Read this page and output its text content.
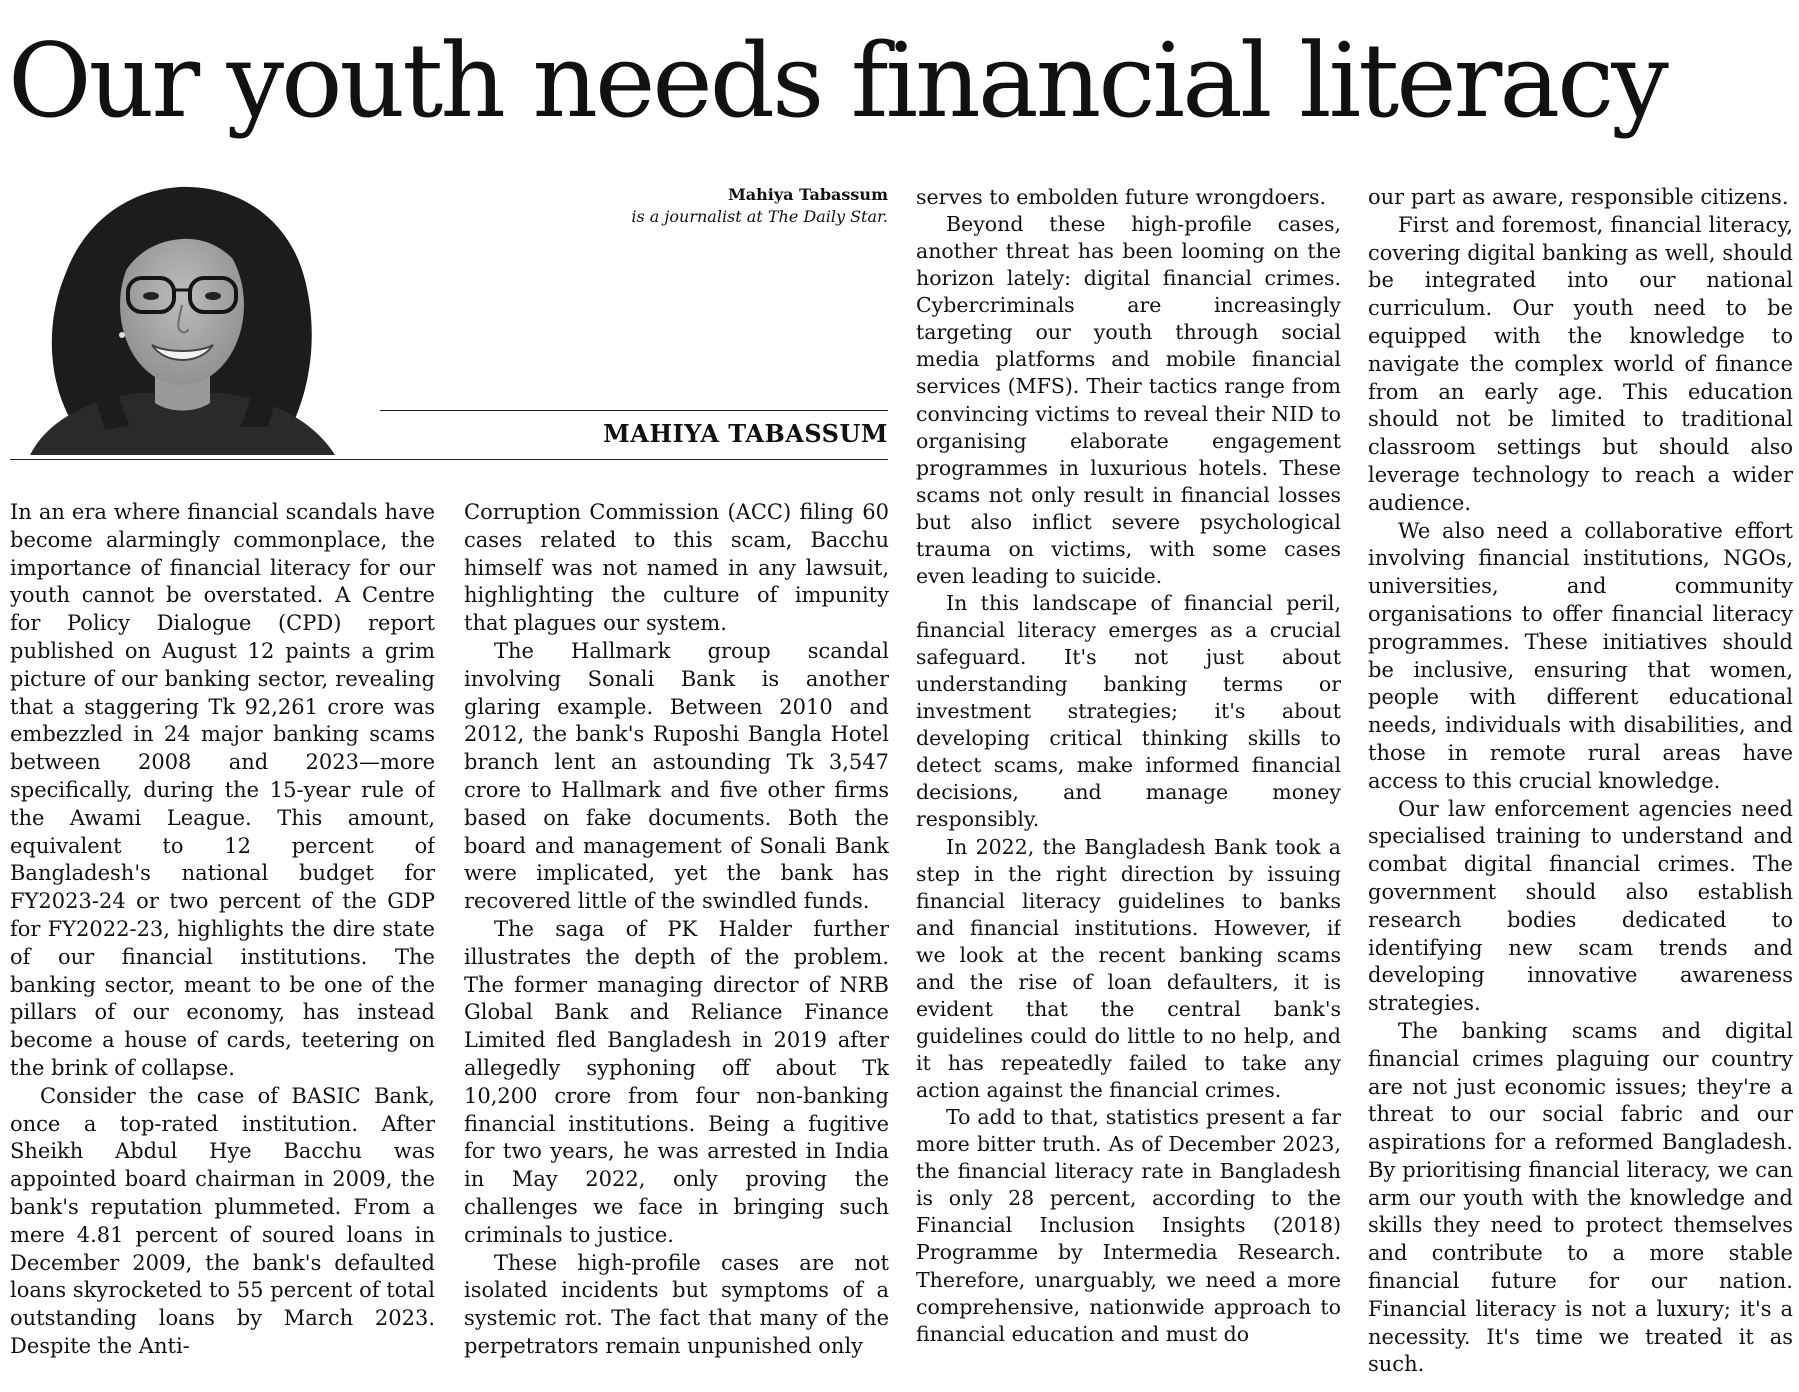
Our youth needs financial literacy
Mahiya Tabassum
is a journalist at The Daily Star.
MAHIYA TABASSUM

In an era where financial scandals have become alarmingly commonplace, the importance of financial literacy for our youth cannot be overstated. A Centre for Policy Dialogue (CPD) report published on August 12 paints a grim picture of our banking sector, revealing that a staggering Tk 92,261 crore was embezzled in 24 major banking scams between 2008 and 2023—more specifically, during the 15-year rule of the Awami League. This amount, equivalent to 12 percent of Bangladesh's national budget for FY2023-24 or two percent of the GDP for FY2022-23, highlights the dire state of our financial institutions. The banking sector, meant to be one of the pillars of our economy, has instead become a house of cards, teetering on the brink of collapse.

Consider the case of BASIC Bank, once a top-rated institution. After Sheikh Abdul Hye Bacchu was appointed board chairman in 2009, the bank's reputation plummeted. From a mere 4.81 percent of soured loans in December 2009, the bank's defaulted loans skyrocketed to 55 percent of total outstanding loans by March 2023. Despite the Anti-

Corruption Commission (ACC) filing 60 cases related to this scam, Bacchu himself was not named in any lawsuit, highlighting the culture of impunity that plagues our system.

The Hallmark group scandal involving Sonali Bank is another glaring example. Between 2010 and 2012, the bank's Ruposhi Bangla Hotel branch lent an astounding Tk 3,547 crore to Hallmark and five other firms based on fake documents. Both the board and management of Sonali Bank were implicated, yet the bank has recovered little of the swindled funds.

The saga of PK Halder further illustrates the depth of the problem. The former managing director of NRB Global Bank and Reliance Finance Limited fled Bangladesh in 2019 after allegedly syphoning off about Tk 10,200 crore from four non-banking financial institutions. Being a fugitive for two years, he was arrested in India in May 2022, only proving the challenges we face in bringing such criminals to justice.

These high-profile cases are not isolated incidents but symptoms of a systemic rot. The fact that many of the perpetrators remain unpunished only

serves to embolden future wrongdoers.

Beyond these high-profile cases, another threat has been looming on the horizon lately: digital financial crimes. Cybercriminals are increasingly targeting our youth through social media platforms and mobile financial services (MFS). Their tactics range from convincing victims to reveal their NID to organising elaborate engagement programmes in luxurious hotels. These scams not only result in financial losses but also inflict severe psychological trauma on victims, with some cases even leading to suicide.

In this landscape of financial peril, financial literacy emerges as a crucial safeguard. It's not just about understanding banking terms or investment strategies; it's about developing critical thinking skills to detect scams, make informed financial decisions, and manage money responsibly.

In 2022, the Bangladesh Bank took a step in the right direction by issuing financial literacy guidelines to banks and financial institutions. However, if we look at the recent banking scams and the rise of loan defaulters, it is evident that the central bank's guidelines could do little to no help, and it has repeatedly failed to take any action against the financial crimes.

To add to that, statistics present a far more bitter truth. As of December 2023, the financial literacy rate in Bangladesh is only 28 percent, according to the Financial Inclusion Insights (2018) Programme by Intermedia Research. Therefore, unarguably, we need a more comprehensive, nationwide approach to financial education and must do

our part as aware, responsible citizens.

First and foremost, financial literacy, covering digital banking as well, should be integrated into our national curriculum. Our youth need to be equipped with the knowledge to navigate the complex world of finance from an early age. This education should not be limited to traditional classroom settings but should also leverage technology to reach a wider audience.

We also need a collaborative effort involving financial institutions, NGOs, universities, and community organisations to offer financial literacy programmes. These initiatives should be inclusive, ensuring that women, people with different educational needs, individuals with disabilities, and those in remote rural areas have access to this crucial knowledge.

Our law enforcement agencies need specialised training to understand and combat digital financial crimes. The government should also establish research bodies dedicated to identifying new scam trends and developing innovative awareness strategies.

The banking scams and digital financial crimes plaguing our country are not just economic issues; they're a threat to our social fabric and our aspirations for a reformed Bangladesh. By prioritising financial literacy, we can arm our youth with the knowledge and skills they need to protect themselves and contribute to a more stable financial future for our nation. Financial literacy is not a luxury; it's a necessity. It's time we treated it as such.
